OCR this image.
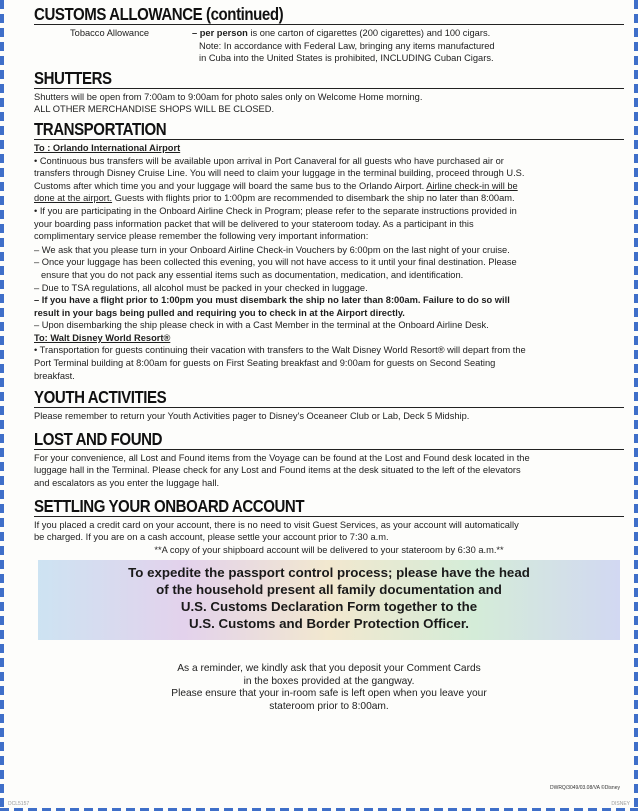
CUSTOMS ALLOWANCE (continued)
Tobacco Allowance	– per person is one carton of cigarettes (200 cigarettes) and 100 cigars.
Note: In accordance with Federal Law, bringing any items manufactured
in Cuba into the United States is prohibited, INCLUDING Cuban Cigars.
SHUTTERS

Shutters will be open from 7:00am to 9:00am for photo sales only on Welcome Home morning.

ALL OTHER MERCHANDISE SHOPS WILL BE CLOSED.

TRANSPORTATION
To : Orlando International Airport

• Continuous bus transfers will be available upon arrival in Port Canaveral for all guests who have purchased air or

transfers through Disney Cruise Line. You will need to claim your luggage in the terminal building, proceed through U.S.

Customs after which time you and your luggage will board the same bus to the Orlando Airport. Airline check-in will be

done at the airport. Guests with flights prior to 1:00pm are recommended to disembark the ship no later than 8:00am.

• If you are participating in the Onboard Airline Check in Program; please refer to the separate instructions provided in

your boarding pass information packet that will be delivered to your stateroom today. As a participant in this

complimentary service please remember the following very important information:

– We ask that you please turn in your Onboard Airline Check-in Vouchers by 6:00pm on the last night of your cruise.

– Once your luggage has been collected this evening, you will not have access to it until your final destination. Please

ensure that you do not pack any essential items such as documentation, medication, and identification.

– Due to TSA regulations, all alcohol must be packed in your checked in luggage.

– If you have a flight prior to 1:00pm you must disembark the ship no later than 8:00am. Failure to do so will

result in your bags being pulled and requiring you to check in at the Airport directly.

– Upon disembarking the ship please check in with a Cast Member in the terminal at the Onboard Airline Desk.

To: Walt Disney World Resort®

• Transportation for guests continuing their vacation with transfers to the Walt Disney World Resort® will depart from the

Port Terminal building at 8:00am for guests on First Seating breakfast and 9:00am for guests on Second Seating

breakfast.

YOUTH ACTIVITIES

Please remember to return your Youth Activities pager to Disney's Oceaneer Club or Lab, Deck 5 Midship.

LOST AND FOUND

For your convenience, all Lost and Found items from the Voyage can be found at the Lost and Found desk located in the

luggage hall in the Terminal. Please check for any Lost and Found items at the desk situated to the left of the elevators

and escalators as you enter the luggage hall.

SETTLING YOUR ONBOARD ACCOUNT

If you placed a credit card on your account, there is no need to visit Guest Services, as your account will automatically

be charged. If you are on a cash account, please settle your account prior to 7:30 a.m.

**A copy of your shipboard account will be delivered to your stateroom by 6:30 a.m.**

To expedite the passport control process; please have the head

of the household present all family documentation and

U.S. Customs Declaration Form together to the

U.S. Customs and Border Protection Officer.

As a reminder, we kindly ask that you deposit your Comment Cards

in the boxes provided at the gangway.

Please ensure that your in-room safe is left open when you leave your

stateroom prior to 8:00am.

DWRQ/3049/03.08/VA ©Disney
DCL5157	DISNEY
